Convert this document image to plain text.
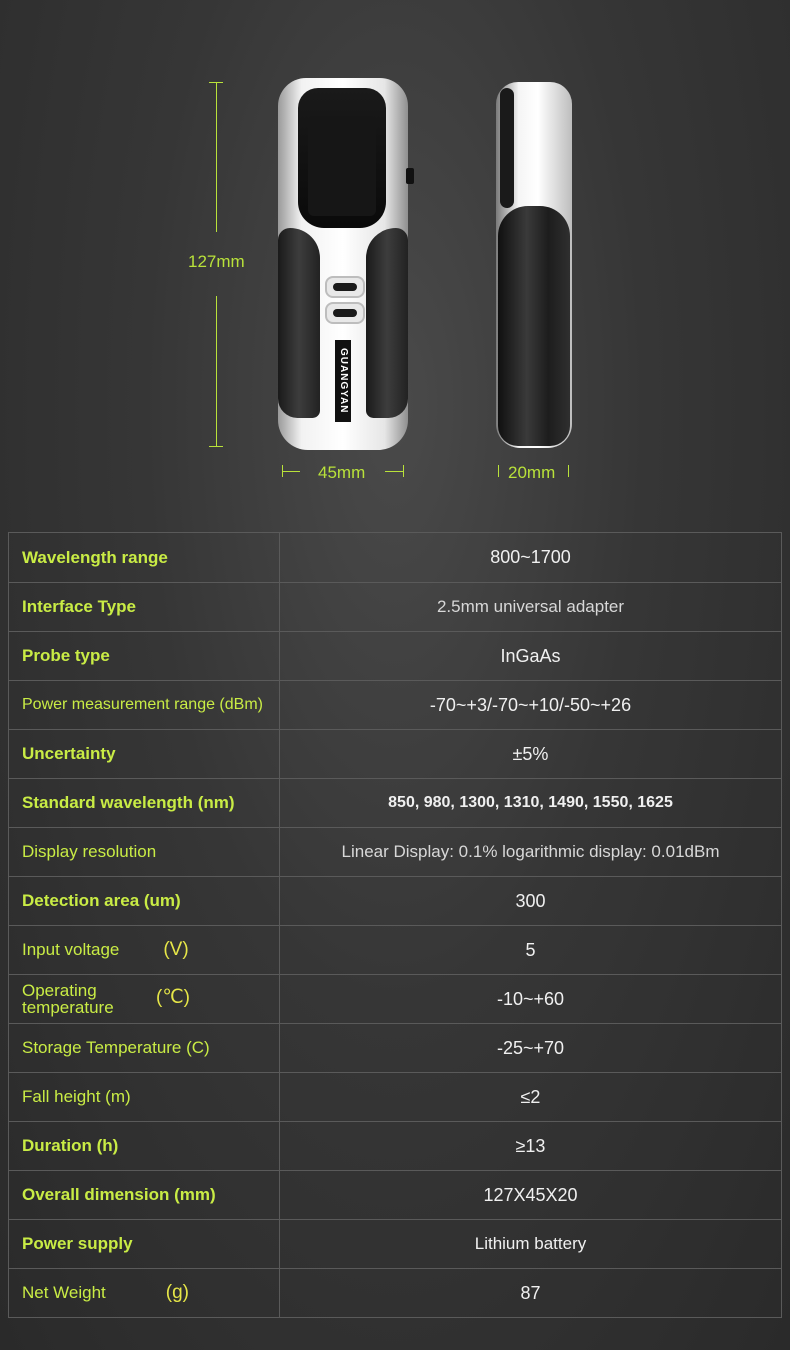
127mm
45mm	20mm
GUANGYAN
Wavelength range	800~1700
Interface Type	2.5mm universal adapter
Probe type	InGaAs
Power measurement range (dBm)	-70~+3/-70~+10/-50~+26
Uncertainty	±5%
Standard wavelength (nm)	850, 980, 1300, 1310, 1490, 1550, 1625
Display resolution	Linear Display: 0.1% logarithmic display: 0.01dBm
Detection area (um)	300
Input voltage (V)	5
Operating temperature (℃)	-10~+60
Storage Temperature (C)	-25~+70
Fall height (m)	≤2
Duration (h)	≥13
Overall dimension (mm)	127X45X20
Power supply	Lithium battery
Net Weight (g)	87
